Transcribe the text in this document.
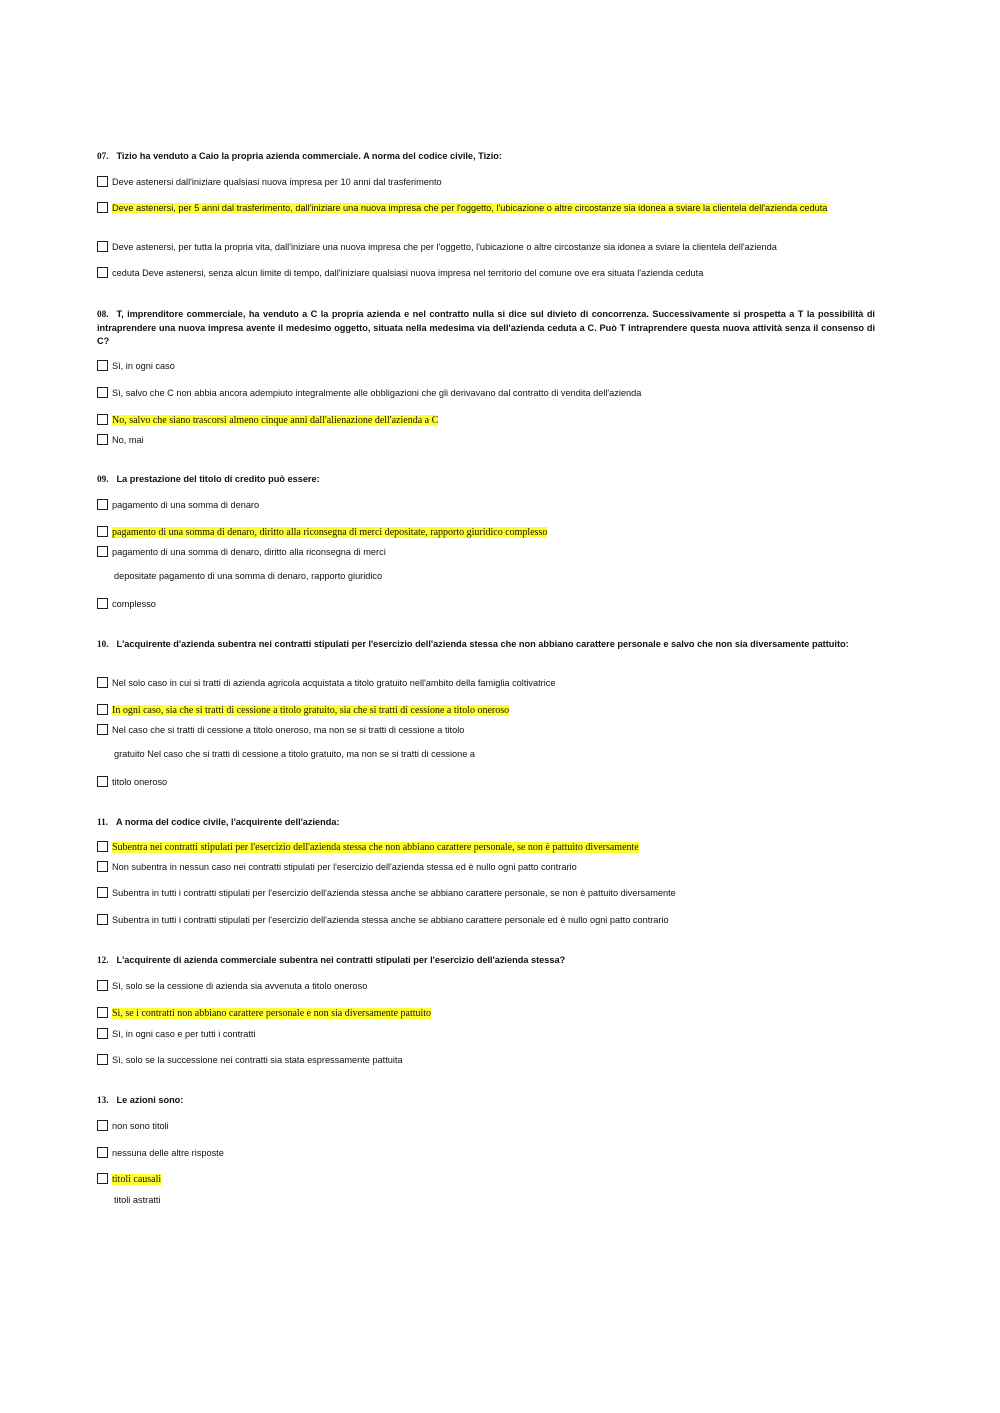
07. Tizio ha venduto a Caio la propria azienda commerciale. A norma del codice civile, Tizio:
Deve astenersi dall'iniziare qualsiasi nuova impresa per 10 anni dal trasferimento
Deve astenersi, per 5 anni dal trasferimento, dall'iniziare una nuova impresa che per l'oggetto, l'ubicazione o altre circostanze sia idonea a sviare la clientela dell'azienda ceduta
Deve astenersi, per tutta la propria vita, dall'iniziare una nuova impresa che per l'oggetto, l'ubicazione o altre circostanze sia idonea a sviare la clientela dell'azienda
ceduta Deve astenersi, senza alcun limite di tempo, dall'iniziare qualsiasi nuova impresa nel territorio del comune ove era situata l'azienda ceduta
08. T, imprenditore commerciale, ha venduto a C la propria azienda e nel contratto nulla si dice sul divieto di concorrenza. Successivamente si prospetta a T la possibilità di intraprendere una nuova impresa avente il medesimo oggetto, situata nella medesima via dell'azienda ceduta a C. Può T intraprendere questa nuova attività senza il consenso di C?
Sì, in ogni caso
Sì, salvo che C non abbia ancora adempiuto integralmente alle obbligazioni che gli derivavano dal contratto di vendita dell'azienda
No, salvo che siano trascorsi almeno cinque anni dall'alienazione dell'azienda a C
No, mai
09. La prestazione del titolo di credito può essere:
pagamento di una somma di denaro
pagamento di una somma di denaro, diritto alla riconsegna di merci depositate, rapporto giuridico complesso
pagamento di una somma di denaro, diritto alla riconsegna di merci
depositate pagamento di una somma di denaro, rapporto giuridico
complesso
10. L'acquirente d'azienda subentra nei contratti stipulati per l'esercizio dell'azienda stessa che non abbiano carattere personale e salvo che non sia diversamente pattuito:
Nel solo caso in cui si tratti di azienda agricola acquistata a titolo gratuito nell'ambito della famiglia coltivatrice
In ogni caso, sia che si tratti di cessione a titolo gratuito, sia che si tratti di cessione a titolo oneroso
Nel caso che si tratti di cessione a titolo oneroso, ma non se si tratti di cessione a titolo
gratuito Nel caso che si tratti di cessione a titolo gratuito, ma non se si tratti di cessione a
titolo oneroso
11. A norma del codice civile, l'acquirente dell'azienda:
Subentra nei contratti stipulati per l'esercizio dell'azienda stessa che non abbiano carattere personale, se non è pattuito diversamente
Non subentra in nessun caso nei contratti stipulati per l'esercizio dell'azienda stessa ed è nullo ogni patto contrario
Subentra in tutti i contratti stipulati per l'esercizio dell'azienda stessa anche se abbiano carattere personale, se non è pattuito diversamente
Subentra in tutti i contratti stipulati per l'esercizio dell'azienda stessa anche se abbiano carattere personale ed è nullo ogni patto contrario
12. L'acquirente di azienda commerciale subentra nei contratti stipulati per l'esercizio dell'azienda stessa?
Sì, solo se la cessione di azienda sia avvenuta a titolo oneroso
Sì, se i contratti non abbiano carattere personale e non sia diversamente pattuito
Sì, in ogni caso e per tutti i contratti
Sì, solo se la successione nei contratti sia stata espressamente pattuita
13. Le azioni sono:
non sono titoli
nessuna delle altre risposte
titoli causali
titoli astratti
